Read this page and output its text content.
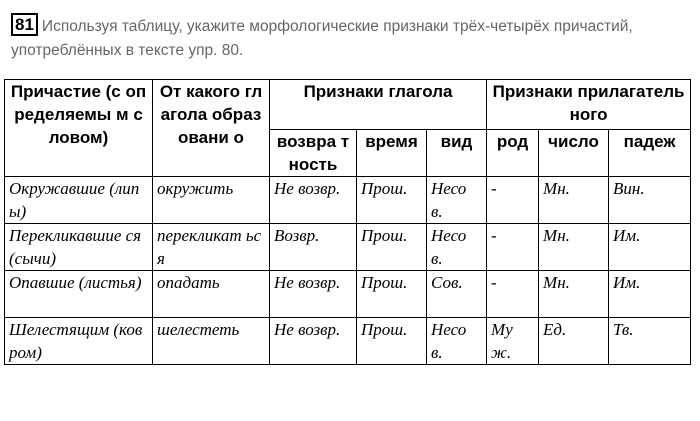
81 Используя таблицу, укажите морфологические признаки трёх-четырёх причастий, употреблённых в тексте упр. 80.
Причастие (с определяемы м словом)	От какого глагола образовани о	Признаки глагола			Признаки прилагательного		
		возвра тность	время	вид	род	число	падеж
Окружавшие (липы)	окружить	Не возвр.	Прош.	Несо в.	-	Мн.	Вин.
Перекликавшие ся (сычи)	перекликат ься	Возвр.	Прош.	Несо в.	-	Мн.	Им.
Опавшие (листья)	опадать	Не возвр.	Прош.	Сов.	-	Мн.	Им.
Шелестящим (ковром)	шелестеть	Не возвр.	Прош.	Несо в.	Му ж.	Ед.	Тв.
